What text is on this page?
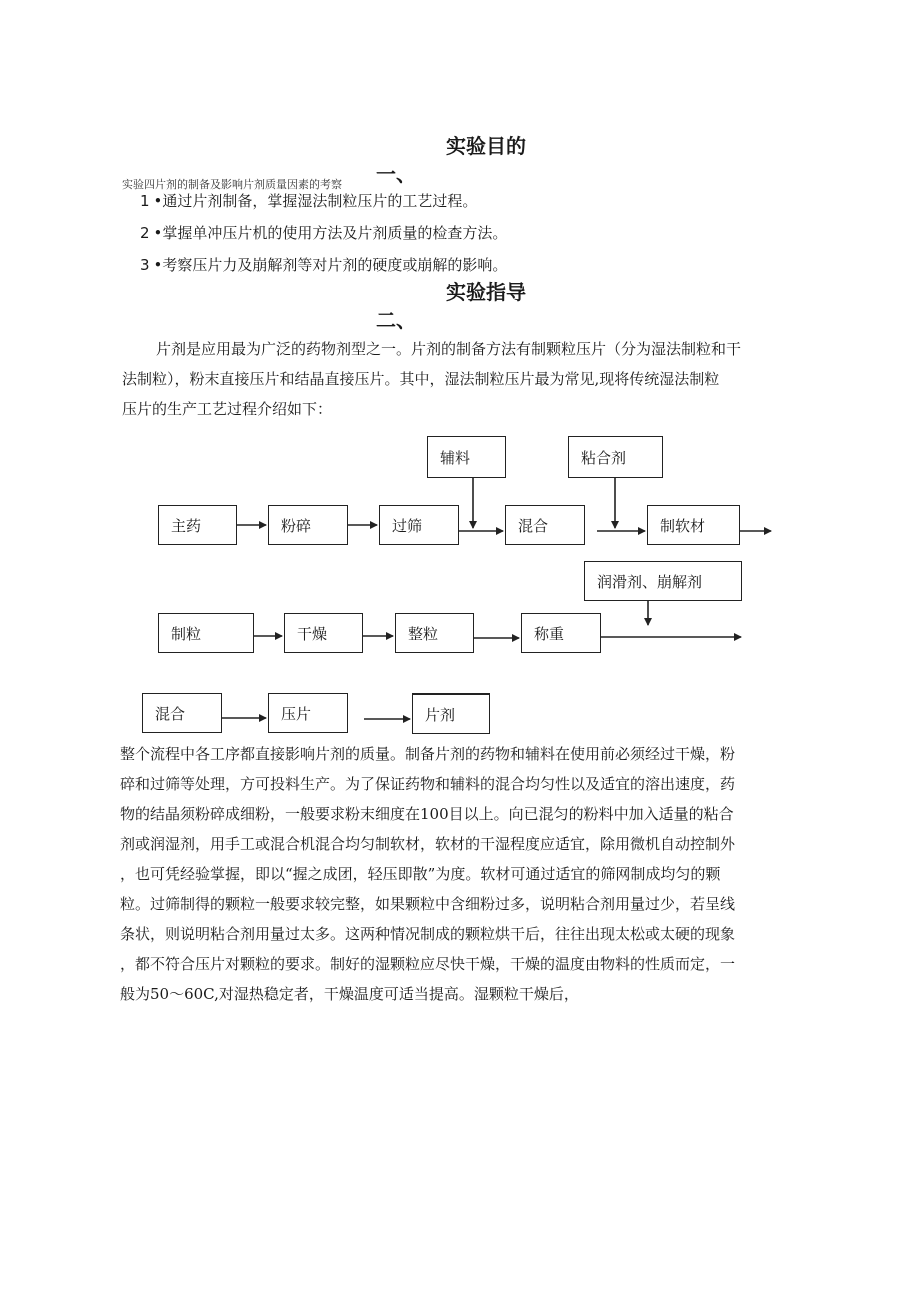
实验目的
一、
实验四片剂的制备及影响片剂质量因素的考察
1 •通过片剂制备，掌握湿法制粒压片的工艺过程。
2 •掌握单冲压片机的使用方法及片剂质量的检查方法。
3 •考察压片力及崩解剂等对片剂的硬度或崩解的影响。
实验指导
二、
片剂是应用最为广泛的药物剂型之一。片剂的制备方法有制颗粒压片（分为湿法制粒和干
法制粒），粉末直接压片和结晶直接压片。其中，湿法制粒压片最为常见,现将传统湿法制粒
压片的生产工艺过程介绍如下：
主药	粉碎	过筛	混合	制软材
辅料	粘合剂
润滑剂、崩解剂
制粒	干燥	整粒	称重
混合	压片	片剂
整个流程中各工序都直接影响片剂的质量。制备片剂的药物和辅料在使用前必须经过干燥，粉
碎和过筛等处理，方可投料生产。为了保证药物和辅料的混合均匀性以及适宜的溶出速度，药
物的结晶须粉碎成细粉，一般要求粉末细度在100目以上。向已混匀的粉料中加入适量的粘合
剂或润湿剂，用手工或混合机混合均匀制软材，软材的干湿程度应适宜，除用微机自动控制外
，也可凭经验掌握，即以“握之成团，轻压即散”为度。软材可通过适宜的筛网制成均匀的颗
粒。过筛制得的颗粒一般要求较完整，如果颗粒中含细粉过多，说明粘合剂用量过少，若呈线
条状，则说明粘合剂用量过太多。这两种情况制成的颗粒烘干后，往往出现太松或太硬的现象
，都不符合压片对颗粒的要求。制好的湿颗粒应尽快干燥，干燥的温度由物料的性质而定，一
般为50～60C,对湿热稳定者，干燥温度可适当提高。湿颗粒干燥后，
